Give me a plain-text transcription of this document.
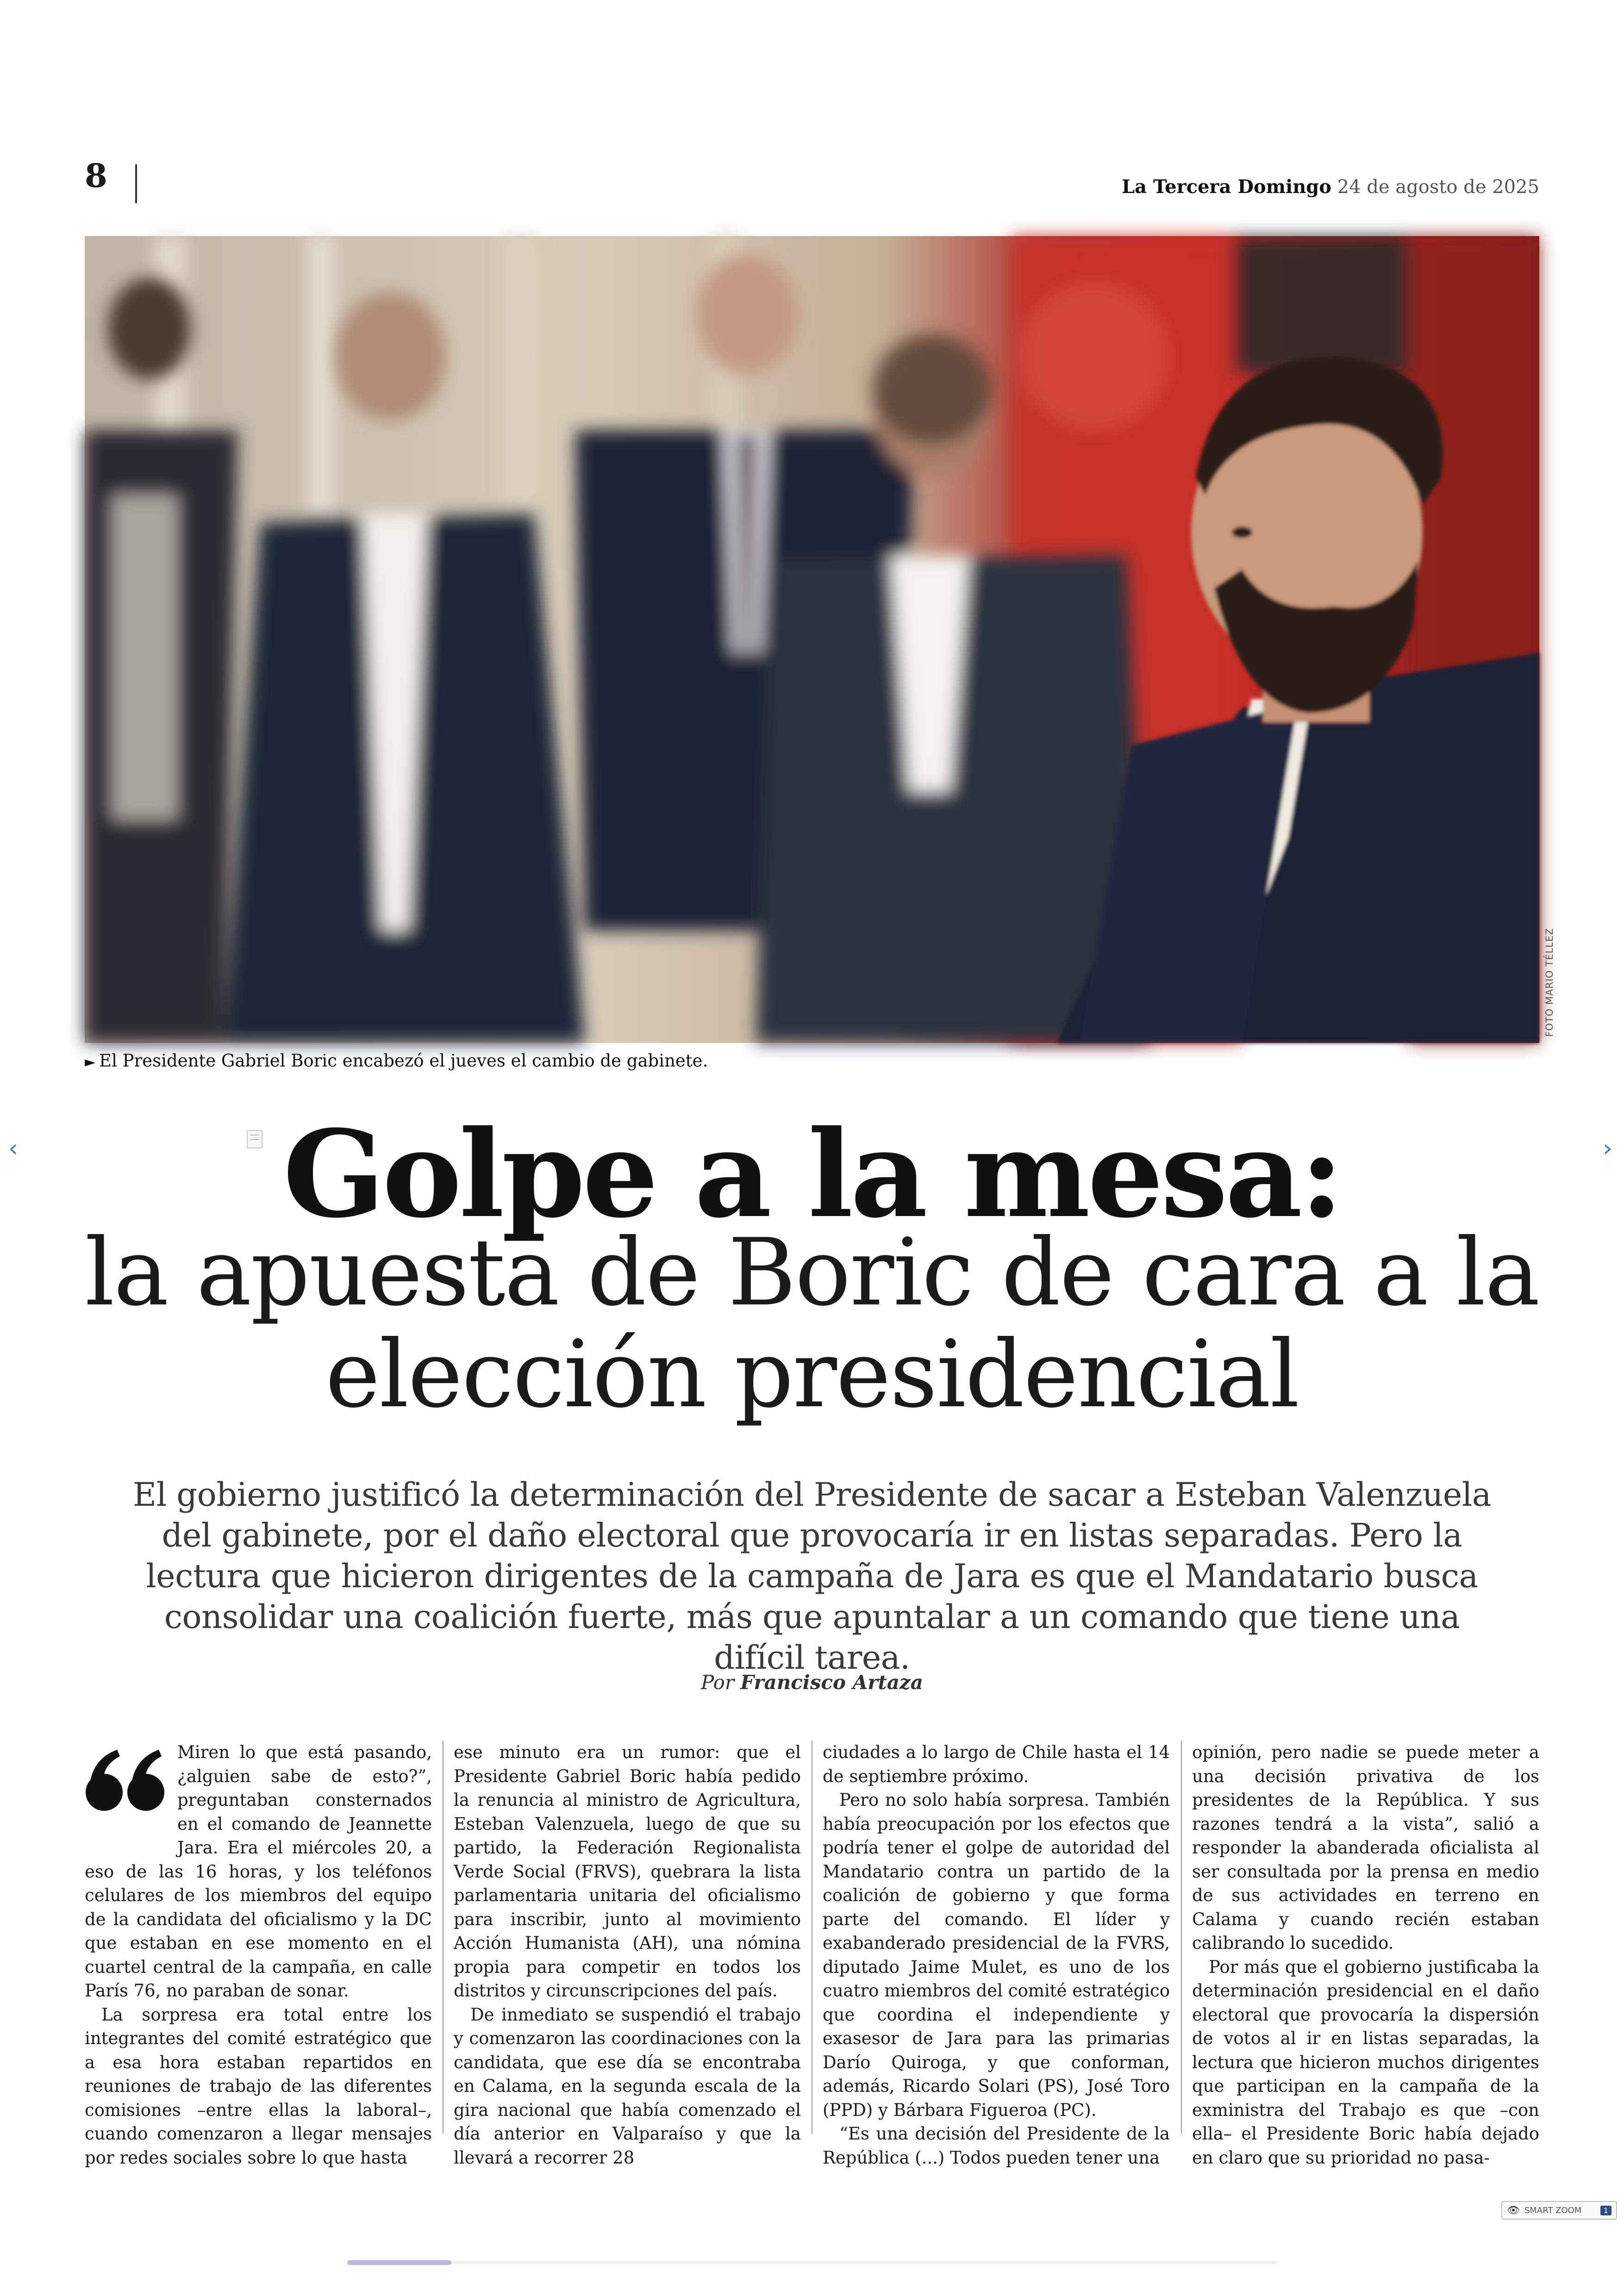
8	La Tercera Domingo 24 de agosto de 2025
FOTO MARIO TÉLLEZ
► El Presidente Gabriel Boric encabezó el jueves el cambio de gabinete.
‹	›
Golpe a la mesa:
la apuesta de Boric de cara a la elección presidencial
El gobierno justificó la determinación del Presidente de sacar a Esteban Valenzuela del gabinete, por el daño electoral que provocaría ir en listas separadas. Pero la lectura que hicieron dirigentes de la campaña de Jara es que el Mandatario busca consolidar una coalición fuerte, más que apuntalar a un comando que tiene una difícil tarea.
Por Francisco Artaza

Miren lo que está pasando, ¿alguien sabe de esto?”, preguntaban consternados en el comando de Jeannette Jara. Era el miércoles 20, a eso de las 16 horas, y los teléfonos celulares de los miembros del equipo de la candidata del oficialismo y la DC que estaban en ese momento en el cuartel central de la campaña, en calle París 76, no paraban de sonar.

La sorpresa era total entre los integrantes del comité estratégico que a esa hora estaban repartidos en reuniones de trabajo de las diferentes comisiones –entre ellas la laboral–, cuando comenzaron a llegar mensajes por redes sociales sobre lo que hasta

ese minuto era un rumor: que el Presidente Gabriel Boric había pedido la renuncia al ministro de Agricultura, Esteban Valenzuela, luego de que su partido, la Federación Regionalista Verde Social (FRVS), quebrara la lista parlamentaria unitaria del oficialismo para inscribir, junto al movimiento Acción Humanista (AH), una nómina propia para competir en todos los distritos y circunscripciones del país.

De inmediato se suspendió el trabajo y comenzaron las coordinaciones con la candidata, que ese día se encontraba en Calama, en la segunda escala de la gira nacional que había comenzado el día anterior en Valparaíso y que la llevará a recorrer 28

ciudades a lo largo de Chile hasta el 14 de septiembre próximo.

Pero no solo había sorpresa. También había preocupación por los efectos que podría tener el golpe de autoridad del Mandatario contra un partido de la coalición de gobierno y que forma parte del comando. El líder y exabanderado presidencial de la FVRS, diputado Jaime Mulet, es uno de los cuatro miembros del comité estratégico que coordina el independiente y exasesor de Jara para las primarias Darío Quiroga, y que conforman, además, Ricardo Solari (PS), José Toro (PPD) y Bárbara Figueroa (PC).

“Es una decisión del Presidente de la República (...) Todos pueden tener una

opinión, pero nadie se puede meter a una decisión privativa de los presidentes de la República. Y sus razones tendrá a la vista”, salió a responder la abanderada oficialista al ser consultada por la prensa en medio de sus actividades en terreno en Calama y cuando recién estaban calibrando lo sucedido.

Por más que el gobierno justificaba la determinación presidencial en el daño electoral que provocaría la dispersión de votos al ir en listas separadas, la lectura que hicieron muchos dirigentes que participan en la campaña de la exministra del Trabajo es que –con ella– el Presidente Boric había dejado en claro que su prioridad no pasa-

👁 SMART ZOOM	1
